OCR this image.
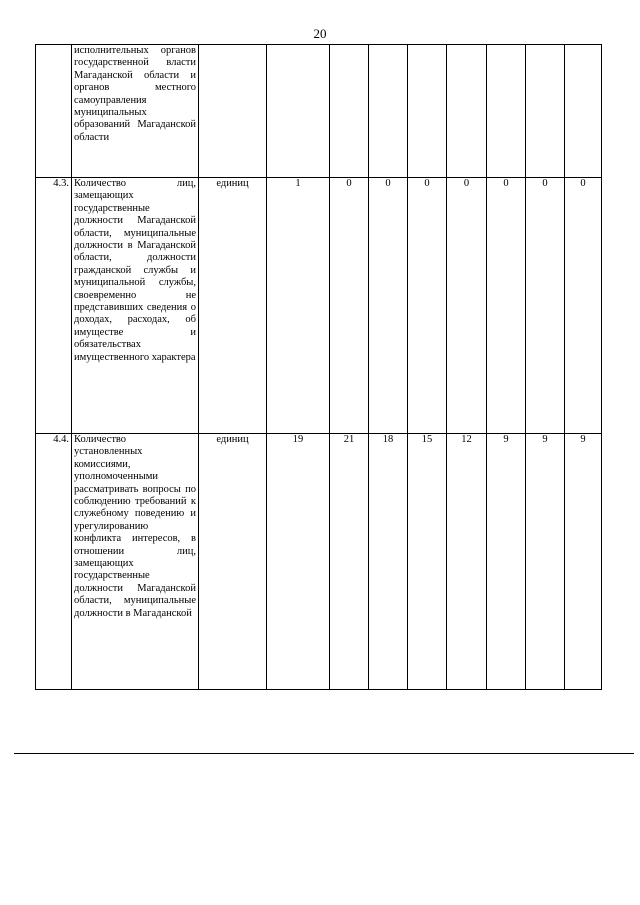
20
	исполнительных органов государственной власти Магаданской области и органов местного самоуправления муниципальных образований Магаданской области									
4.3.	Количество лиц, замещающих государственные должности Магаданской области, муниципальные должности в Магаданской области, должности гражданской службы и муниципальной службы, своевременно не представивших сведения о доходах, расходах, об имуществе и обязательствах имущественного характера	единиц	1	0	0	0	0	0	0	0
4.4.	Количество установленных комиссиями, уполномоченными рассматривать вопросы по соблюдению требований к служебному поведению и урегулированию конфликта интересов, в отношении лиц, замещающих государственные должности Магаданской области, муниципальные должности в Магаданской	единиц	19	21	18	15	12	9	9	9
